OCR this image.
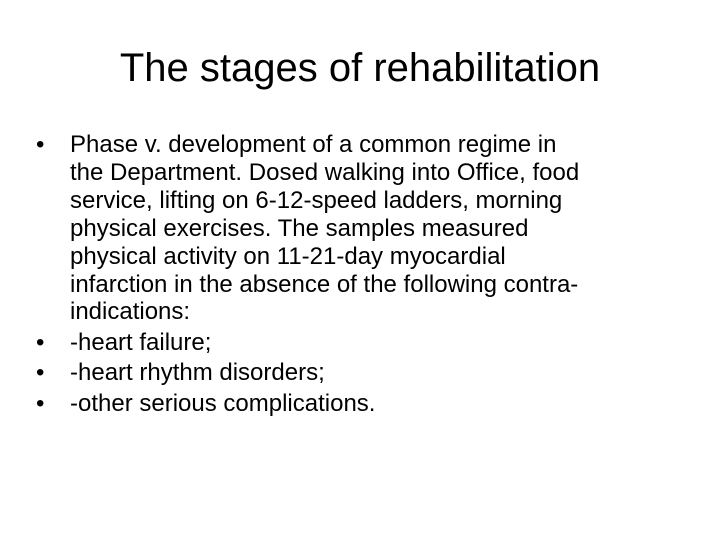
The stages of rehabilitation
•	Phase v. development of a common regime in
the Department. Dosed walking into Office, food
service, lifting on 6-12-speed ladders, morning
physical exercises. The samples measured
physical activity on 11-21-day myocardial
infarction in the absence of the following contra-
indications:
•	-heart failure;
•	-heart rhythm disorders;
•	-other serious complications.
